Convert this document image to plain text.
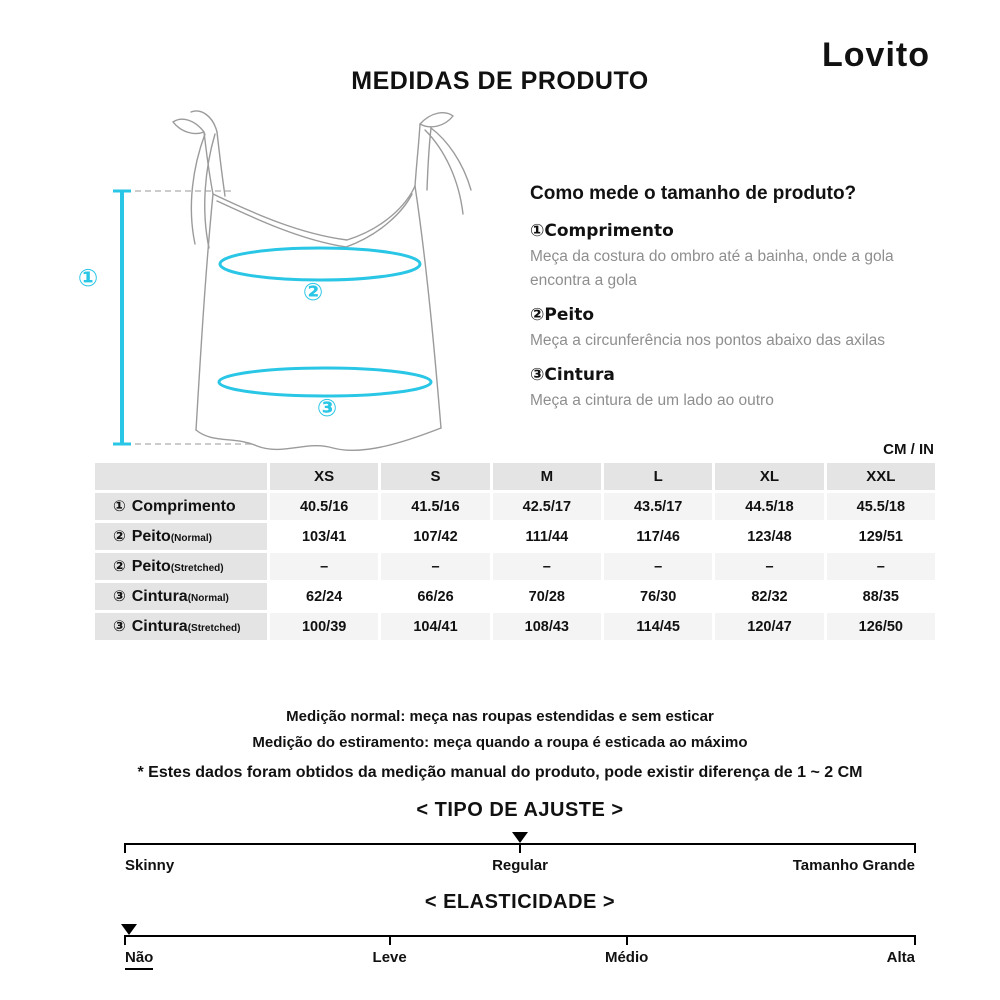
MEDIDAS DE PRODUTO
Lovito
①	②
③
Como mede o tamanho de produto?

①Comprimento

Meça da costura do ombro até a bainha, onde a gola encontra a gola

②Peito

Meça a circunferência nos pontos abaixo das axilas

③Cintura

Meça a cintura de um lado ao outro

CM / IN
	XS	S	M	L	XL	XXL
① Comprimento	40.5/16	41.5/16	42.5/17	43.5/17	44.5/18	45.5/18
② Peito(Normal)	103/41	107/42	111/44	117/46	123/48	129/51
② Peito(Stretched)	–	–	–	–	–	–
③ Cintura(Normal)	62/24	66/26	70/28	76/30	82/32	88/35
③ Cintura(Stretched)	100/39	104/41	108/43	114/45	120/47	126/50

Medição normal: meça nas roupas estendidas e sem esticar

Medição do estiramento: meça quando a roupa é esticada ao máximo

* Estes dados foram obtidos da medição manual do produto, pode existir diferença de 1 ~ 2 CM

< TIPO DE AJUSTE >

Skinny	Regular	Tamanho Grande

< ELASTICIDADE >

Não	Leve	Médio	Alta
